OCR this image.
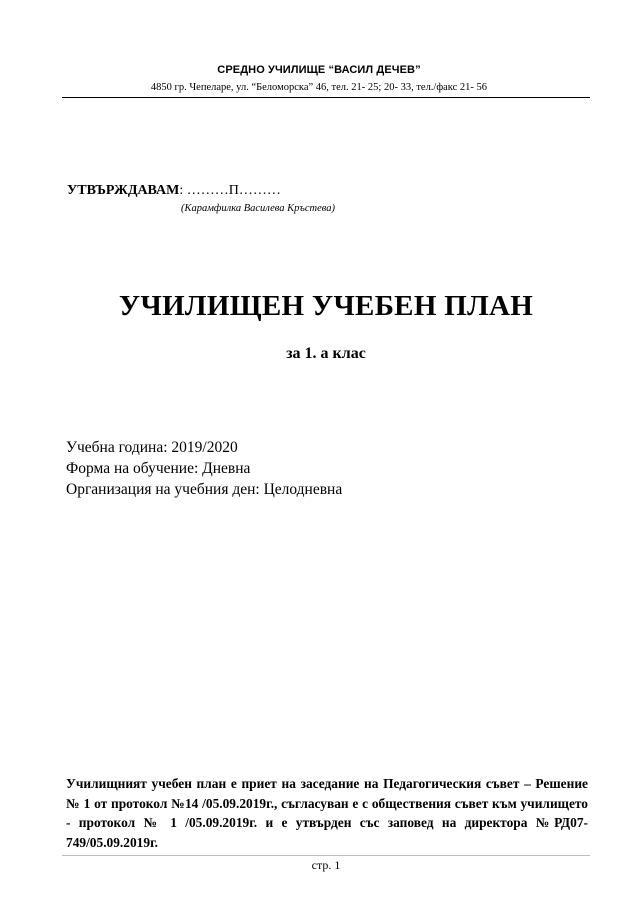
СРЕДНО УЧИЛИЩЕ “ВАСИЛ ДЕЧЕВ”
4850 гр. Чепеларе, ул. “Беломорска” 46, тел. 21- 25; 20- 33, тел./факс 21- 56
УТВЪРЖДАВАМ: ………П………
(Карамфилка Василева Кръстева)
УЧИЛИЩЕН УЧЕБЕН ПЛАН
за 1. а клас
Учебна година: 2019/2020
Форма на обучение: Дневна
Организация на учебния ден: Целодневна
Училищният учебен план е приет на заседание на Педагогическия съвет – Решение № 1 от протокол №14 /05.09.2019г., съгласуван е с обществения съвет към училището - протокол № 1 /05.09.2019г. и е утвърден със заповед на директора №РД07-749/05.09.2019г.
стр. 1
